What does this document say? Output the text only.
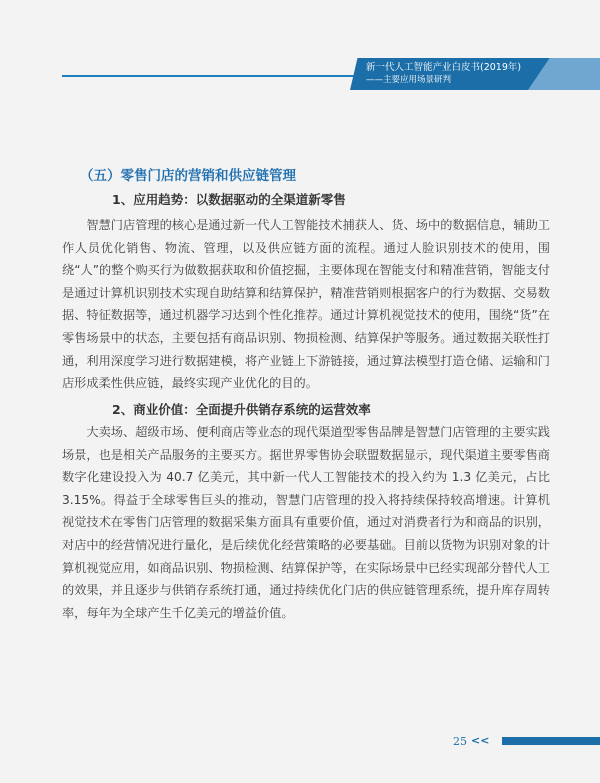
新一代人工智能产业白皮书(2019年)
——主要应用场景研判
（五）零售门店的营销和供应链管理
1、应用趋势：以数据驱动的全渠道新零售
智慧门店管理的核心是通过新一代人工智能技术捕获人、货、场中的数据信息，辅助工作人员优化销售、物流、管理，以及供应链方面的流程。通过人脸识别技术的使用，围绕“人”的整个购买行为做数据获取和价值挖掘，主要体现在智能支付和精准营销，智能支付是通过计算机识别技术实现自助结算和结算保护，精准营销则根据客户的行为数据、交易数据、特征数据等，通过机器学习达到个性化推荐。通过计算机视觉技术的使用，围绕“货”在零售场景中的状态，主要包括有商品识别、物损检测、结算保护等服务。通过数据关联性打通，利用深度学习进行数据建模，将产业链上下游链接，通过算法模型打造仓储、运输和门店形成柔性供应链，最终实现产业优化的目的。
2、商业价值：全面提升供销存系统的运营效率
大卖场、超级市场、便利商店等业态的现代渠道型零售品牌是智慧门店管理的主要实践场景，也是相关产品服务的主要买方。据世界零售协会联盟数据显示，现代渠道主要零售商数字化建设投入为 40.7 亿美元，其中新一代人工智能技术的投入约为 1.3 亿美元，占比3.15%。得益于全球零售巨头的推动，智慧门店管理的投入将持续保持较高增速。计算机视觉技术在零售门店管理的数据采集方面具有重要价值，通过对消费者行为和商品的识别，对店中的经营情况进行量化，是后续优化经营策略的必要基础。目前以货物为识别对象的计算机视觉应用，如商品识别、物损检测、结算保护等，在实际场景中已经实现部分替代人工的效果，并且逐步与供销存系统打通，通过持续优化门店的供应链管理系统，提升库存周转率，每年为全球产生千亿美元的增益价值。
25 <<
